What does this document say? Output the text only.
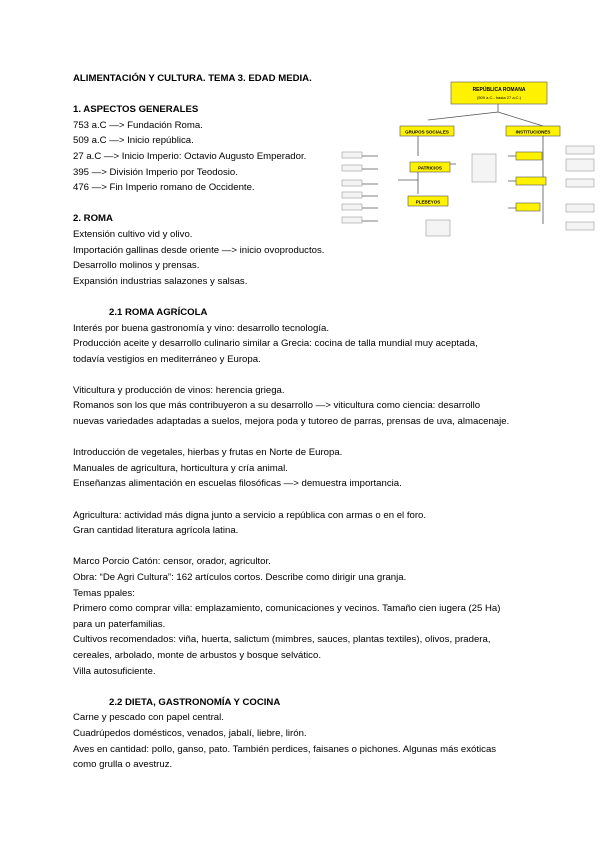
ALIMENTACIÓN Y CULTURA. TEMA 3. EDAD MEDIA.
1. ASPECTOS GENERALES
753 a.C —> Fundación Roma.
509 a.C —> Inicio república.
27 a.C —> Inicio Imperio: Octavio Augusto Emperador.
395 —> División Imperio por Teodosio.
476 —> Fin Imperio romano de Occidente.
2. ROMA
Extensión cultivo vid y olivo.
Importación gallinas desde oriente —> inicio ovoproductos.
Desarrollo molinos y prensas.
Expansión industrias salazones y salsas.
2.1 ROMA AGRÍCOLA
Interés por buena gastronomía y vino: desarrollo tecnología.
Producción aceite y desarrollo culinario similar a Grecia: cocina de talla mundial muy aceptada,
todavía vestigios en mediterráneo y Europa.
Viticultura y producción de vinos: herencia griega.
Romanos son los que más contribuyeron a su desarrollo —> viticultura como ciencia: desarrollo
nuevas variedades adaptadas a suelos, mejora poda y tutoreo de parras, prensas de uva, almacenaje.
Introducción de vegetales, hierbas y frutas en Norte de Europa.
Manuales de agricultura, horticultura y cría animal.
Enseñanzas alimentación en escuelas filosóficas —> demuestra importancia.
Agricultura: actividad más digna junto a servicio a república con armas o en el foro.
Gran cantidad literatura agrícola latina.
Marco Porcio Catón: censor, orador, agricultor.
Obra: “De Agri Cultura”: 162 artículos cortos. Describe como dirigir una granja.
Temas ppales:
Primero como comprar villa: emplazamiento, comunicaciones y vecinos. Tamaño cien iugera (25 Ha)
para un paterfamilias.
Cultivos recomendados: viña, huerta, salictum (mimbres, sauces, plantas textiles), olivos, pradera,
cereales, arbolado, monte de arbustos y bosque selvático.
Villa autosuficiente.
2.2 DIETA, GASTRONOMÍA Y COCINA
Carne y pescado con papel central.
Cuadrúpedos domésticos, venados, jabalí, liebre, lirón.
Aves en cantidad: pollo, ganso, pato. También perdices, faisanes o pichones. Algunas más exóticas
como grulla o avestruz.
REPÚBLICA ROMANA
(509 a.C.- hasta 27 a.C.)
GRUPOS SOCIALES	INSTITUCIONES
PATRICIOS
PLEBEYOS
